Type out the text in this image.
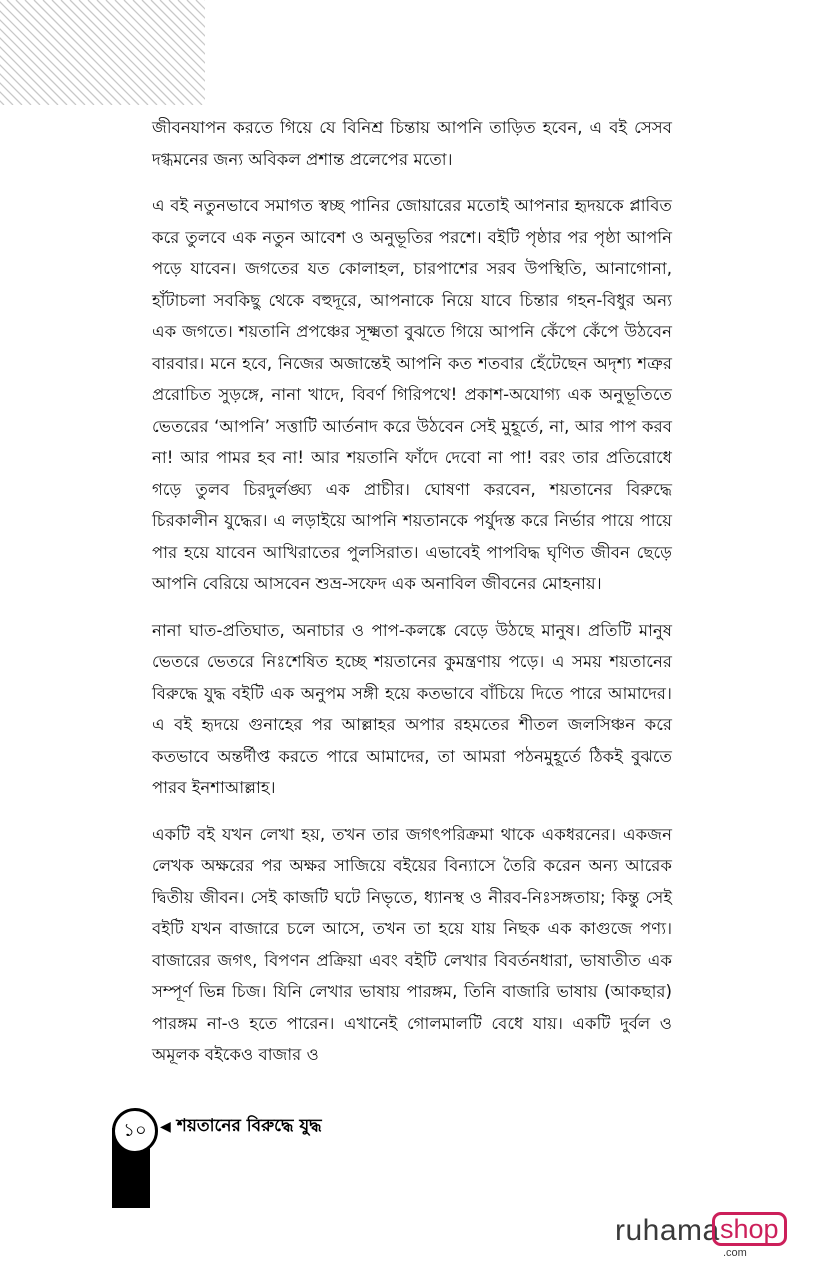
জীবনযাপন করতে গিয়ে যে বিনিশ্র চিন্তায় আপনি তাড়িত হবেন, এ বই সেসব দগ্ধমনের জন্য অবিকল প্রশান্ত প্রলেপের মতো।

এ বই নতুনভাবে সমাগত স্বচ্ছ পানির জোয়ারের মতোই আপনার হৃদয়কে প্লাবিত করে তুলবে এক নতুন আবেশ ও অনুভূতির পরশে। বইটি পৃষ্ঠার পর পৃষ্ঠা আপনি পড়ে যাবেন। জগতের যত কোলাহল, চারপাশের সরব উপস্থিতি, আনাগোনা, হাঁটাচলা সবকিছু থেকে বহুদূরে, আপনাকে নিয়ে যাবে চিন্তার গহন-বিধুর অন্য এক জগতে। শয়তানি প্রপঞ্চের সূক্ষ্মতা বুঝতে গিয়ে আপনি কেঁপে কেঁপে উঠবেন বারবার। মনে হবে, নিজের অজান্তেই আপনি কত শতবার হেঁটেছেন অদৃশ্য শত্রুর প্ররোচিত সুড়ঙ্গে, নানা খাদে, বিবর্ণ গিরিপথে! প্রকাশ-অযোগ্য এক অনুভূতিতে ভেতরের ‘আপনি’ সত্তাটি আর্তনাদ করে উঠবেন সেই মুহূর্তে, না, আর পাপ করব না! আর পামর হব না! আর শয়তানি ফাঁদে দেবো না পা! বরং তার প্রতিরোধে গড়ে তুলব চিরদুর্লঙ্ঘ্য এক প্রাচীর। ঘোষণা করবেন, শয়তানের বিরুদ্ধে চিরকালীন যুদ্ধের। এ লড়াইয়ে আপনি শয়তানকে পর্যুদস্ত করে নির্ভার পায়ে পায়ে পার হয়ে যাবেন আখিরাতের পুলসিরাত। এভাবেই পাপবিদ্ধ ঘৃণিত জীবন ছেড়ে আপনি বেরিয়ে আসবেন শুভ্র-সফেদ এক অনাবিল জীবনের মোহনায়।

নানা ঘাত-প্রতিঘাত, অনাচার ও পাপ-কলঙ্কে বেড়ে উঠছে মানুষ। প্রতিটি মানুষ ভেতরে ভেতরে নিঃশেষিত হচ্ছে শয়তানের কুমন্ত্রণায় পড়ে। এ সময় শয়তানের বিরুদ্ধে যুদ্ধ বইটি এক অনুপম সঙ্গী হয়ে কতভাবে বাঁচিয়ে দিতে পারে আমাদের। এ বই হৃদয়ে গুনাহের পর আল্লাহর অপার রহমতের শীতল জলসিঞ্চন করে কতভাবে অন্তর্দীপ্ত করতে পারে আমাদের, তা আমরা পঠনমুহূর্তে ঠিকই বুঝতে পারব ইনশাআল্লাহ।

একটি বই যখন লেখা হয়, তখন তার জগৎপরিক্রমা থাকে একধরনের। একজন লেখক অক্ষরের পর অক্ষর সাজিয়ে বইয়ের বিন্যাসে তৈরি করেন অন্য আরেক দ্বিতীয় জীবন। সেই কাজটি ঘটে নিভৃতে, ধ্যানস্থ ও নীরব-নিঃসঙ্গতায়; কিন্তু সেই বইটি যখন বাজারে চলে আসে, তখন তা হয়ে যায় নিছক এক কাগুজে পণ্য। বাজারের জগৎ, বিপণন প্রক্রিয়া এবং বইটি লেখার বিবর্তনধারা, ভাষাতীত এক সম্পূর্ণ ভিন্ন চিজ। যিনি লেখার ভাষায় পারঙ্গম, তিনি বাজারি ভাষায় (আকছার) পারঙ্গম না-ও হতে পারেন। এখানেই গোলমালটি বেধে যায়। একটি দুর্বল ও অমূলক বইকেও বাজার ও

১০ ◀ শয়তানের বিরুদ্ধে যুদ্ধ
ruhama shop
.com
